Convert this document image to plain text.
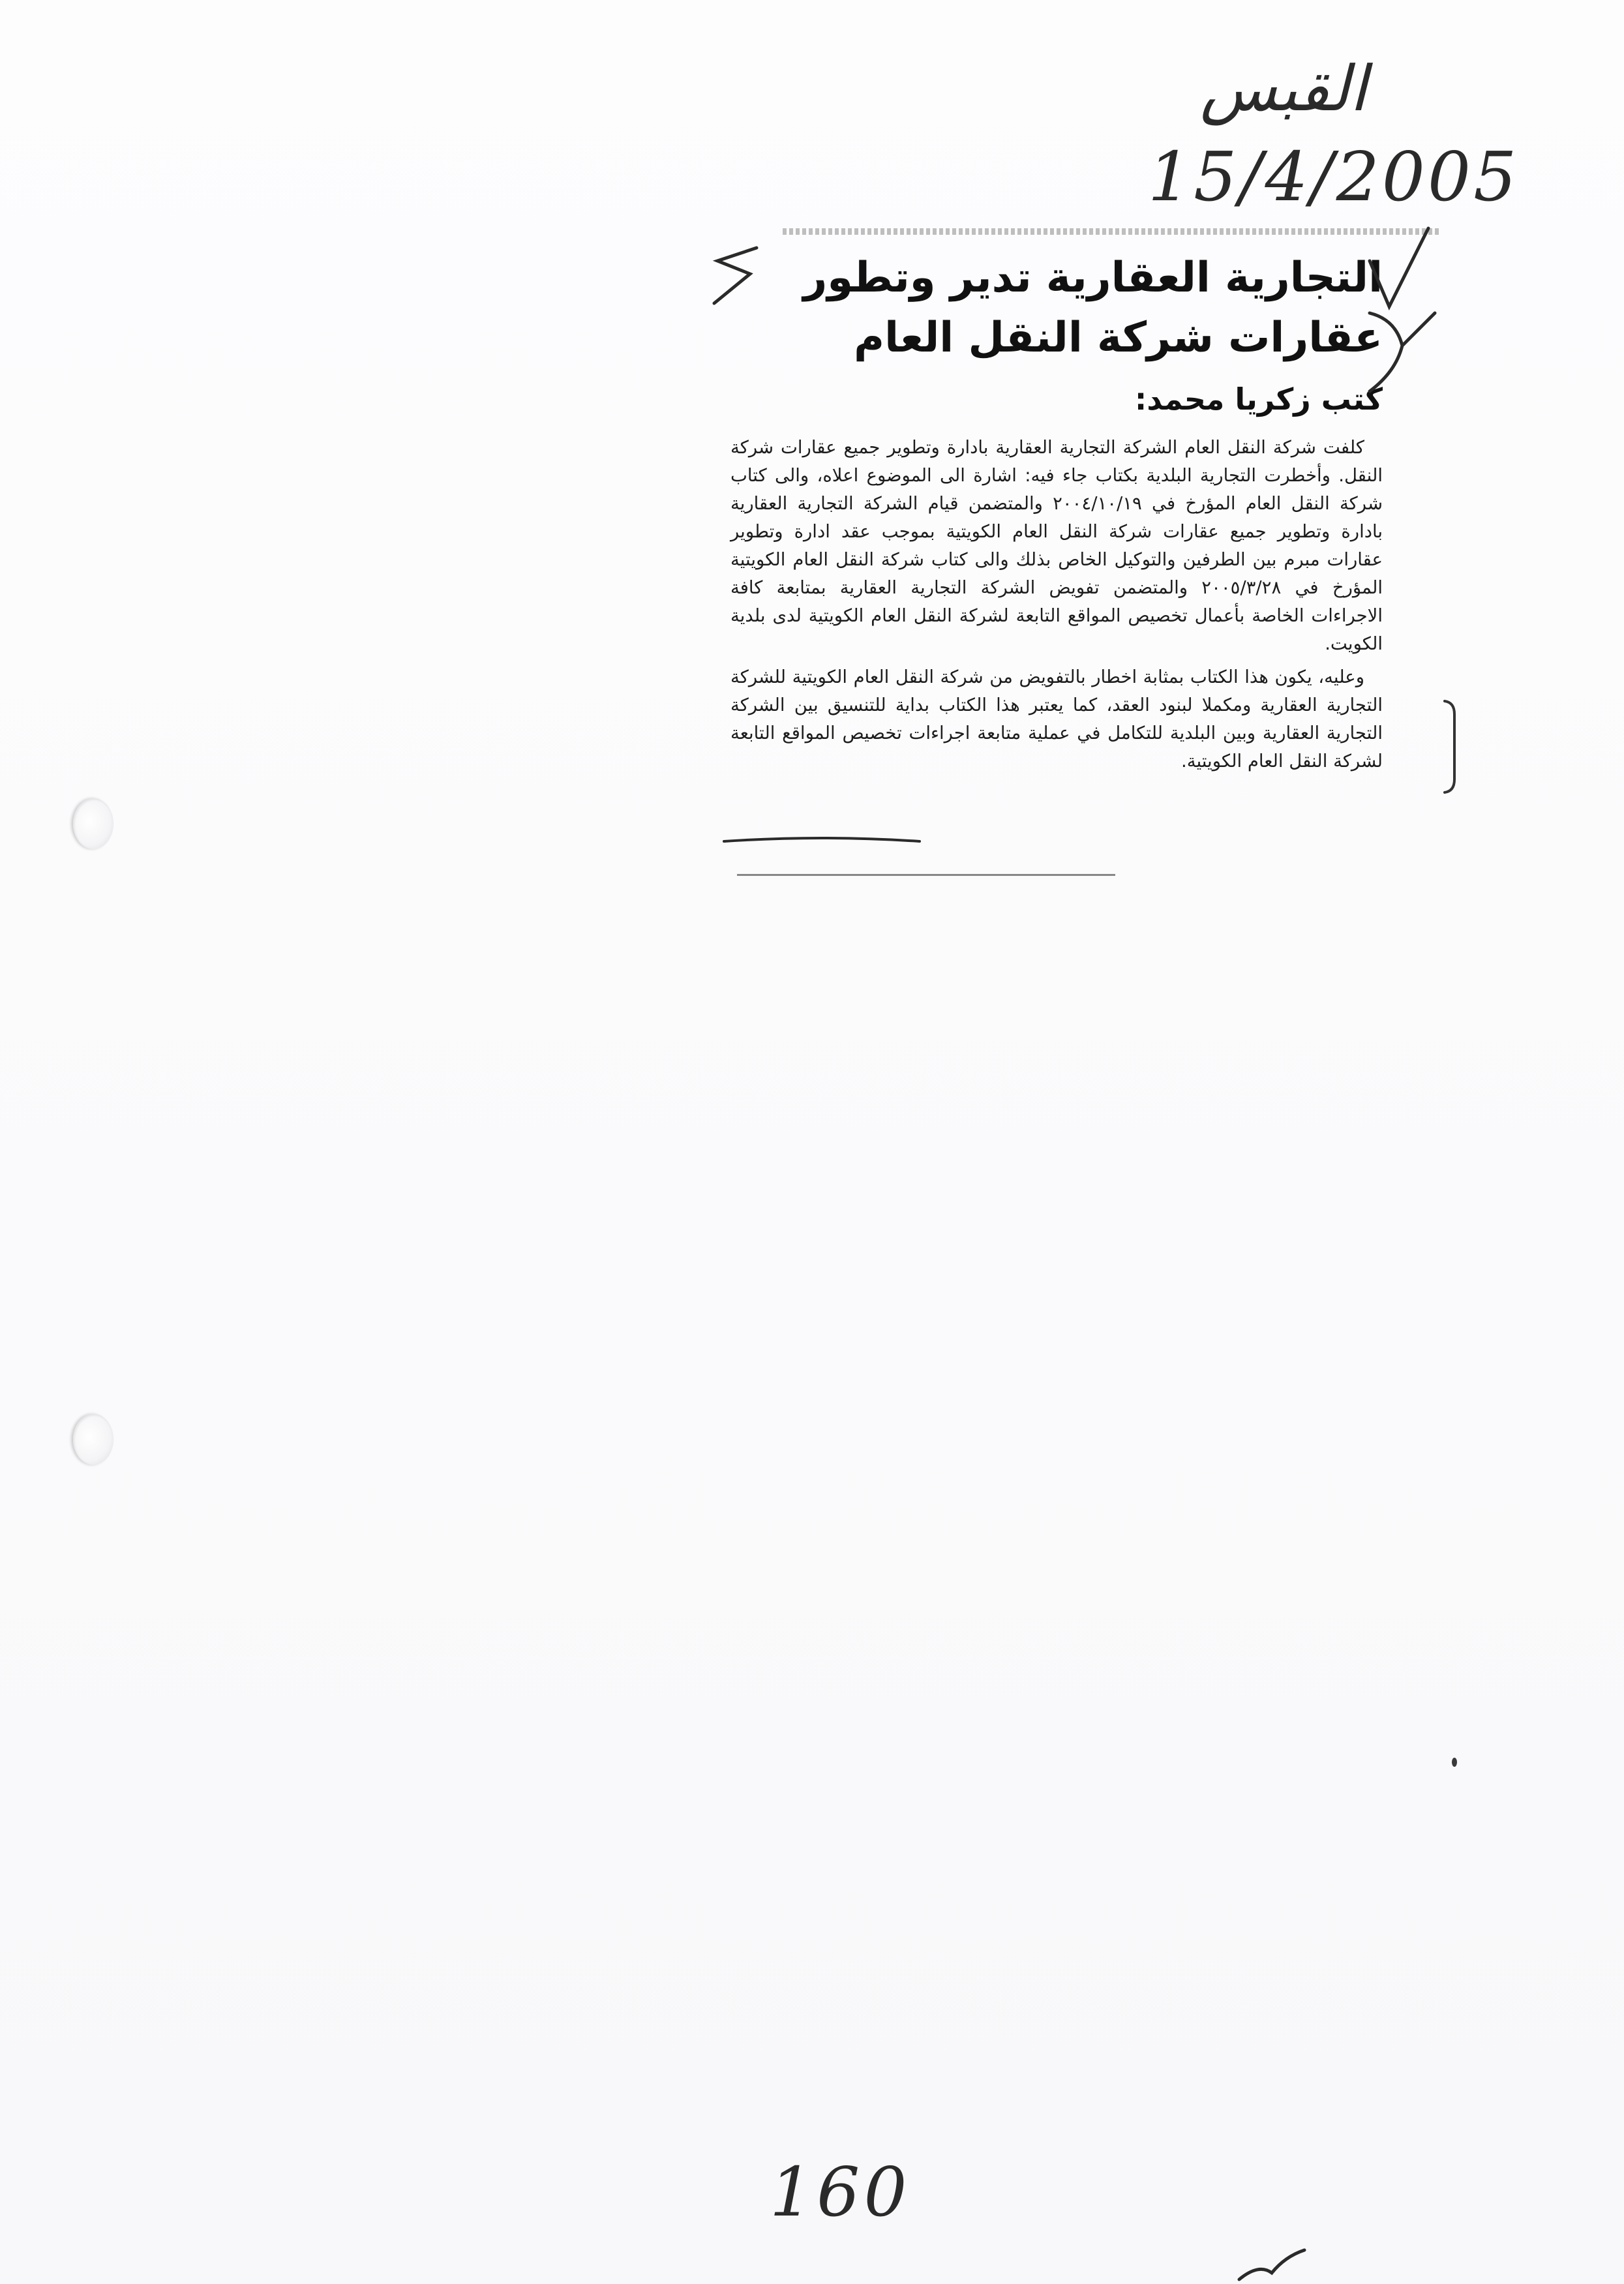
القبس
15/4/2005
التجارية العقارية تدير وتطور
عقارات شركة النقل العام
كتب زكريا محمد:

كلفت شركة النقل العام الشركة التجارية العقارية بادارة وتطوير جميع عقارات شركة النقل. وأخطرت التجارية البلدية بكتاب جاء فيه: اشارة الى الموضوع اعلاه، والى كتاب شركة النقل العام المؤرخ في ٢٠٠٤/١٠/١٩ والمتضمن قيام الشركة التجارية العقارية بادارة وتطوير جميع عقارات شركة النقل العام الكويتية بموجب عقد ادارة وتطوير عقارات مبرم بين الطرفين والتوكيل الخاص بذلك والى كتاب شركة النقل العام الكويتية المؤرخ في ٢٠٠٥/٣/٢٨ والمتضمن تفويض الشركة التجارية العقارية بمتابعة كافة الاجراءات الخاصة بأعمال تخصيص المواقع التابعة لشركة النقل العام الكويتية لدى بلدية الكويت.

وعليه، يكون هذا الكتاب بمثابة اخطار بالتفويض من شركة النقل العام الكويتية للشركة التجارية العقارية ومكملا لبنود العقد، كما يعتبر هذا الكتاب بداية للتنسيق بين الشركة التجارية العقارية وبين البلدية للتكامل في عملية متابعة اجراءات تخصيص المواقع التابعة لشركة النقل العام الكويتية.

160
